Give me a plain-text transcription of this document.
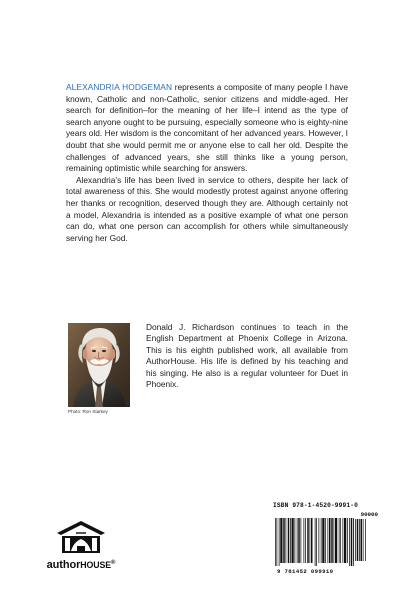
ALEXANDRIA HODGEMAN represents a composite of many people I have known, Catholic and non-Catholic, senior citizens and middle-aged. Her search for definition–for the meaning of her life–I intend as the type of search anyone ought to be pursuing, especially someone who is eighty-nine years old. Her wisdom is the concomitant of her advanced years. However, I doubt that she would permit me or anyone else to call her old. Despite the challenges of advanced years, she still thinks like a young person, remaining optimistic while searching for answers.

Alexandria’s life has been lived in service to others, despite her lack of total awareness of this. She would modestly protest against anyone offering her thanks or recognition, deserved though they are. Although certainly not a model, Alexandria is intended as a positive example of what one person can do, what one person can accomplish for others while simultaneously serving her God.

Photo: Ron Starkey

Donald J. Richardson continues to teach in the English Department at Phoenix College in Arizona. This is his eighth published work, all available from AuthorHouse. His life is defined by his teaching and his singing. He also is a regular volunteer for Duet in Phoenix.

authorHOUSE®
ISBN 978-1-4520-9991-0
90000
9 781452 099910
